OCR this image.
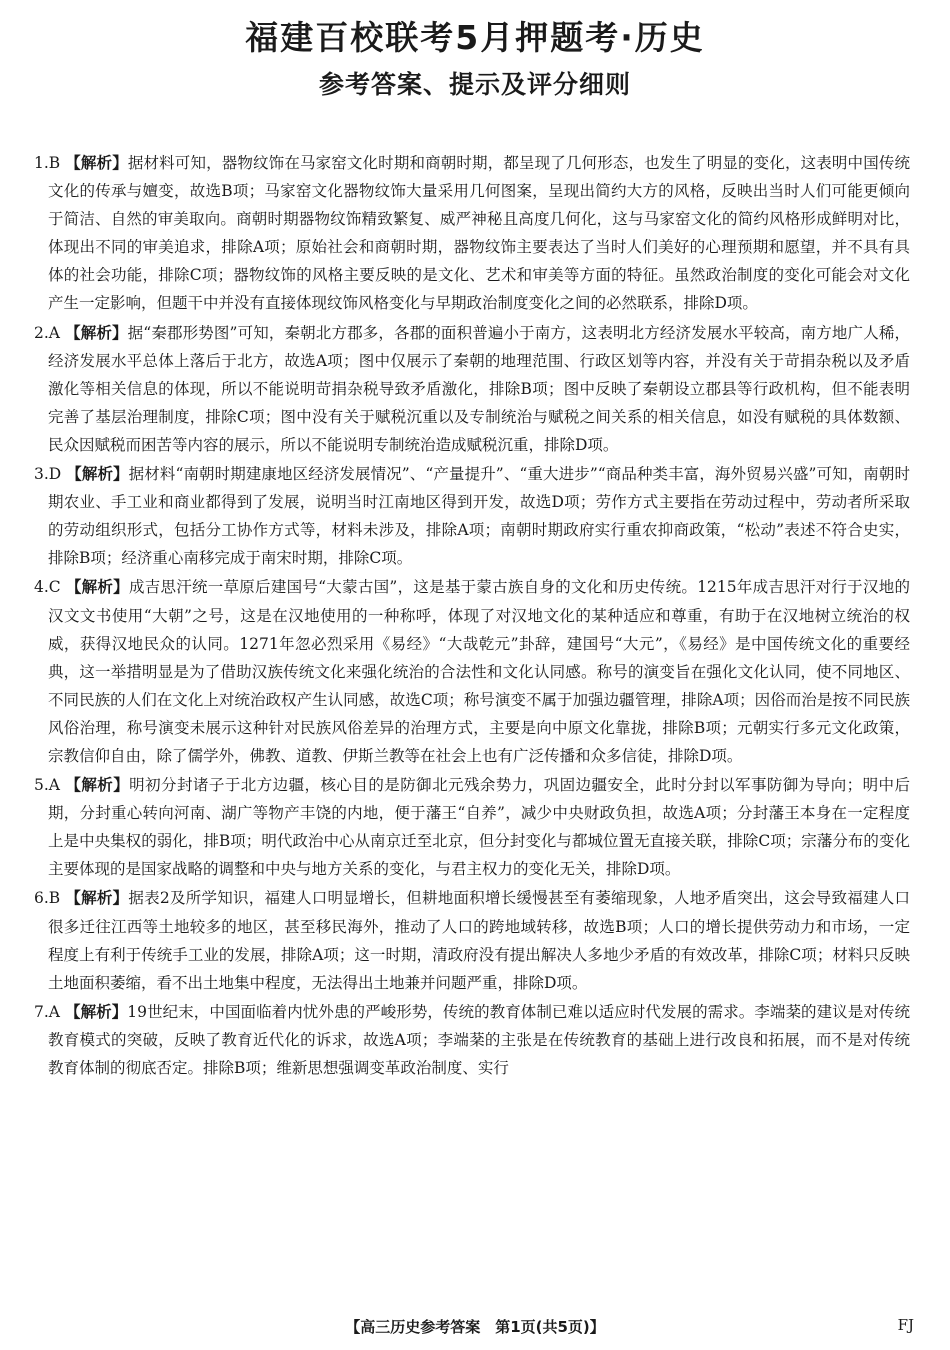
福建百校联考5月押题考·历史
参考答案、提示及评分细则

1.B 【解析】据材料可知，器物纹饰在马家窑文化时期和商朝时期，都呈现了几何形态，也发生了明显的变化，这表明中国传统文化的传承与嬗变，故选B项；马家窑文化器物纹饰大量采用几何图案，呈现出简约大方的风格，反映出当时人们可能更倾向于简洁、自然的审美取向。商朝时期器物纹饰精致繁复、威严神秘且高度几何化，这与马家窑文化的简约风格形成鲜明对比，体现出不同的审美追求，排除A项；原始社会和商朝时期，器物纹饰主要表达了当时人们美好的心理预期和愿望，并不具有具体的社会功能，排除C项；器物纹饰的风格主要反映的是文化、艺术和审美等方面的特征。虽然政治制度的变化可能会对文化产生一定影响，但题干中并没有直接体现纹饰风格变化与早期政治制度变化之间的必然联系，排除D项。

2.A 【解析】据“秦郡形势图”可知，秦朝北方郡多，各郡的面积普遍小于南方，这表明北方经济发展水平较高，南方地广人稀，经济发展水平总体上落后于北方，故选A项；图中仅展示了秦朝的地理范围、行政区划等内容，并没有关于苛捐杂税以及矛盾激化等相关信息的体现，所以不能说明苛捐杂税导致矛盾激化，排除B项；图中反映了秦朝设立郡县等行政机构，但不能表明完善了基层治理制度，排除C项；图中没有关于赋税沉重以及专制统治与赋税之间关系的相关信息，如没有赋税的具体数额、民众因赋税而困苦等内容的展示，所以不能说明专制统治造成赋税沉重，排除D项。

3.D 【解析】据材料“南朝时期建康地区经济发展情况”、“产量提升”、“重大进步”“商品种类丰富，海外贸易兴盛”可知，南朝时期农业、手工业和商业都得到了发展，说明当时江南地区得到开发，故选D项；劳作方式主要指在劳动过程中，劳动者所采取的劳动组织形式，包括分工协作方式等，材料未涉及，排除A项；南朝时期政府实行重农抑商政策，“松动”表述不符合史实，排除B项；经济重心南移完成于南宋时期，排除C项。

4.C 【解析】成吉思汗统一草原后建国号“大蒙古国”，这是基于蒙古族自身的文化和历史传统。1215年成吉思汗对行于汉地的汉文文书使用“大朝”之号，这是在汉地使用的一种称呼，体现了对汉地文化的某种适应和尊重，有助于在汉地树立统治的权威，获得汉地民众的认同。1271年忽必烈采用《易经》“大哉乾元”卦辞，建国号“大元”，《易经》是中国传统文化的重要经典，这一举措明显是为了借助汉族传统文化来强化统治的合法性和文化认同感。称号的演变旨在强化文化认同，使不同地区、不同民族的人们在文化上对统治政权产生认同感，故选C项；称号演变不属于加强边疆管理，排除A项；因俗而治是按不同民族风俗治理，称号演变未展示这种针对民族风俗差异的治理方式，主要是向中原文化靠拢，排除B项；元朝实行多元文化政策，宗教信仰自由，除了儒学外，佛教、道教、伊斯兰教等在社会上也有广泛传播和众多信徒，排除D项。

5.A 【解析】明初分封诸子于北方边疆，核心目的是防御北元残余势力，巩固边疆安全，此时分封以军事防御为导向；明中后期，分封重心转向河南、湖广等物产丰饶的内地，便于藩王“自养”，减少中央财政负担，故选A项；分封藩王本身在一定程度上是中央集权的弱化，排B项；明代政治中心从南京迁至北京，但分封变化与都城位置无直接关联，排除C项；宗藩分布的变化主要体现的是国家战略的调整和中央与地方关系的变化，与君主权力的变化无关，排除D项。

6.B 【解析】据表2及所学知识，福建人口明显增长，但耕地面积增长缓慢甚至有萎缩现象，人地矛盾突出，这会导致福建人口很多迁往江西等土地较多的地区，甚至移民海外，推动了人口的跨地域转移，故选B项；人口的增长提供劳动力和市场，一定程度上有利于传统手工业的发展，排除A项；这一时期，清政府没有提出解决人多地少矛盾的有效改革，排除C项；材料只反映土地面积萎缩，看不出土地集中程度，无法得出土地兼并问题严重，排除D项。

7.A 【解析】19世纪末，中国面临着内忧外患的严峻形势，传统的教育体制已难以适应时代发展的需求。李端棻的建议是对传统教育模式的突破，反映了教育近代化的诉求，故选A项；李端棻的主张是在传统教育的基础上进行改良和拓展，而不是对传统教育体制的彻底否定。排除B项；维新思想强调变革政治制度、实行

【高三历史参考答案　第1页(共5页)】	FJ
